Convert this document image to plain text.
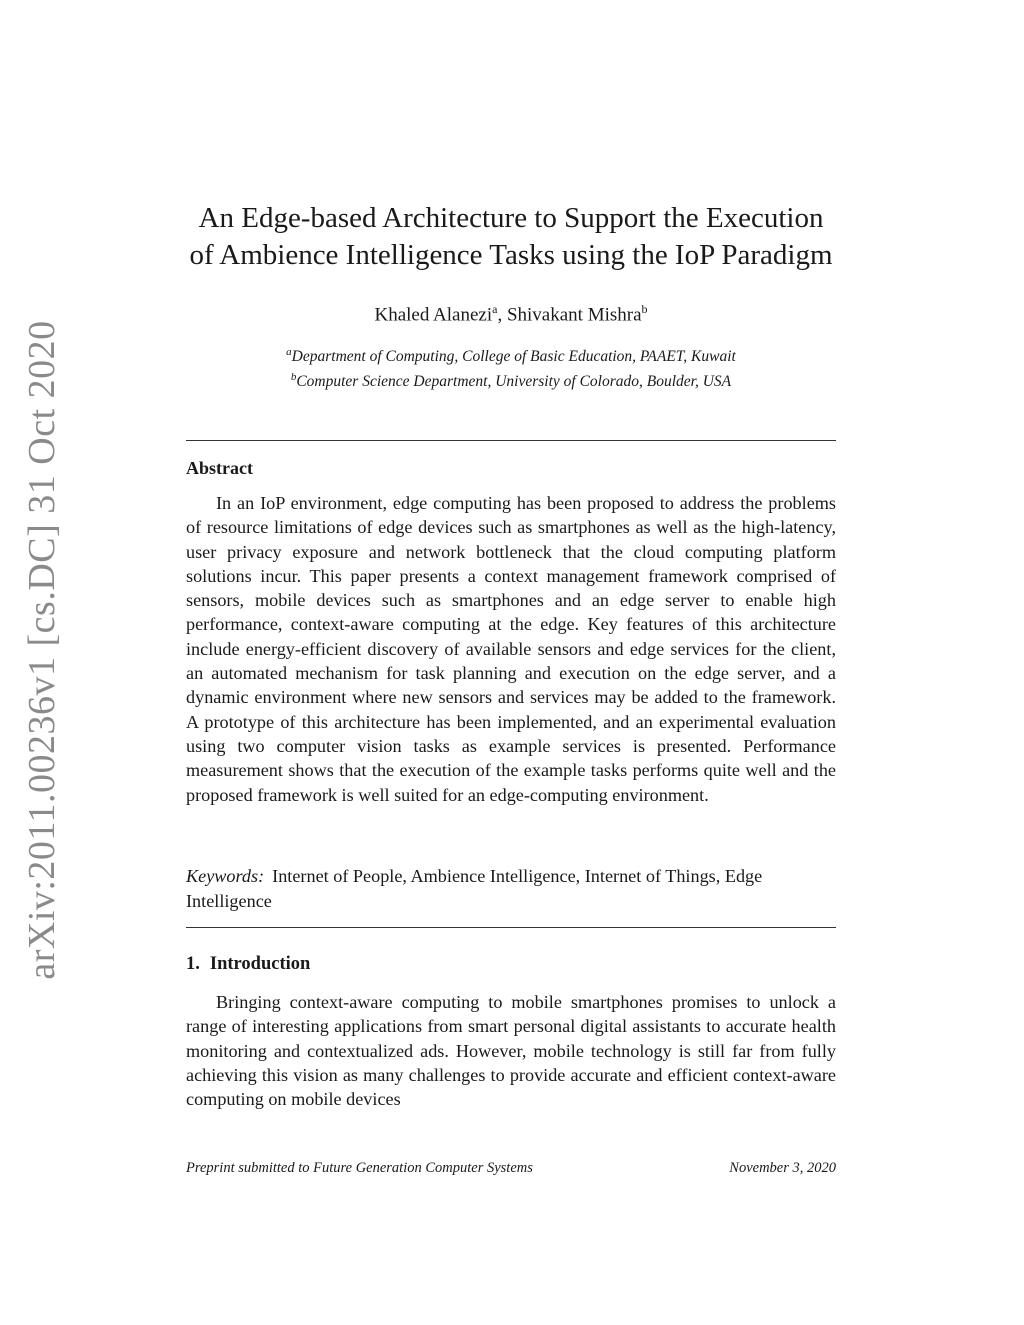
arXiv:2011.00236v1 [cs.DC] 31 Oct 2020
An Edge-based Architecture to Support the Execution
of Ambience Intelligence Tasks using the IoP Paradigm
Khaled Alanezi$^a$, Shivakant Mishra$^b$
$^a$Department of Computing, College of Basic Education, PAAET, Kuwait
$^b$Computer Science Department, University of Colorado, Boulder, USA
Abstract
In an IoP environment, edge computing has been proposed to address the problems of resource limitations of edge devices such as smartphones as well as the high-latency, user privacy exposure and network bottleneck that the cloud computing platform solutions incur. This paper presents a context management framework comprised of sensors, mobile devices such as smartphones and an edge server to enable high performance, context-aware computing at the edge. Key features of this architecture include energy-efficient discovery of available sensors and edge services for the client, an automated mechanism for task planning and execution on the edge server, and a dynamic environment where new sensors and services may be added to the framework. A prototype of this architecture has been implemented, and an experimental evaluation using two computer vision tasks as example services is presented. Performance measurement shows that the execution of the example tasks performs quite well and the proposed framework is well suited for an edge-computing environment.
Keywords: Internet of People, Ambience Intelligence, Internet of Things, Edge Intelligence
1. Introduction
Bringing context-aware computing to mobile smartphones promises to unlock a range of interesting applications from smart personal digital assistants to accurate health monitoring and contextualized ads. However, mobile technology is still far from fully achieving this vision as many challenges to provide accurate and efficient context-aware computing on mobile devices
Preprint submitted to Future Generation Computer Systems	November 3, 2020
